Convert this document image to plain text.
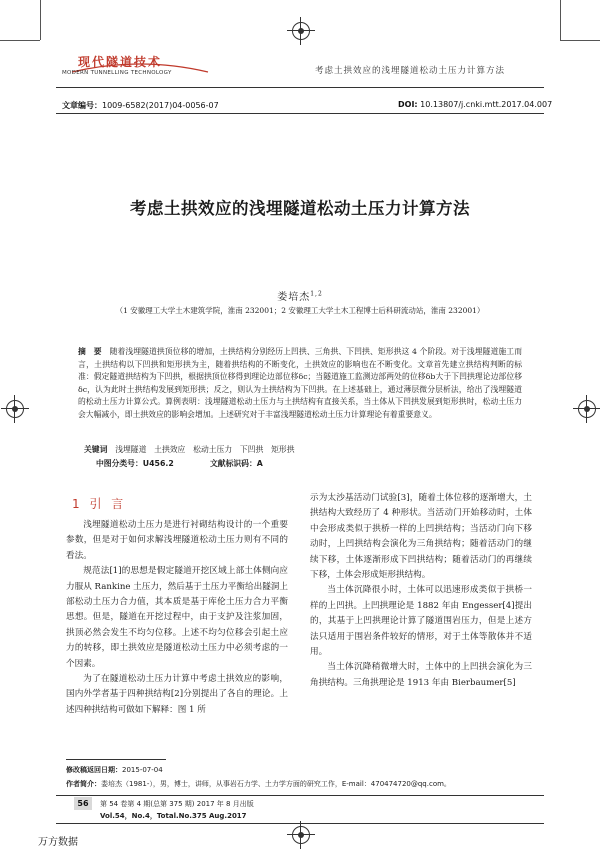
现代隧道技术
MODERN TUNNELLING TECHNOLOGY	考虑土拱效应的浅埋隧道松动土压力计算方法
文章编号：1009-6582(2017)04-0056-07	DOI: 10.13807/j.cnki.mtt.2017.04.007
考虑土拱效应的浅埋隧道松动土压力计算方法
娄培杰$^{1,2}$
（1 安徽理工大学土木建筑学院，淮南 232001；2 安徽理工大学土木工程博士后科研流动站，淮南 232001）
摘　要　 随着浅埋隧道拱顶位移的增加，土拱结构分别经历上凹拱、三角拱、下凹拱、矩形拱这 4 个阶段。对于浅埋隧道施工而言，土拱结构以下凹拱和矩形拱为主，随着拱结构的不断变化，土拱效应的影响也在不断变化。文章首先建立拱结构判断的标准：假定隧道拱结构为下凹拱，根据拱顶位移得到理论边部位移δc；当隧道施工监测边部两处的位移δb大于下凹拱理论边部位移δc，认为此时土拱结构发展到矩形拱；反之，则认为土拱结构为下凹拱。在上述基础上，通过薄层微分层析法，给出了浅埋隧道的松动土压力计算公式。算例表明：浅埋隧道松动土压力与土拱结构有直接关系，当土体从下凹拱发展到矩形拱时，松动土压力会大幅减小，即土拱效应的影响会增加。上述研究对于丰富浅埋隧道松动土压力计算理论有着重要意义。
关键词　 浅埋隧道　土拱效应　松动土压力　下凹拱　矩形拱
中图分类号：U456.2	文献标识码：A
1 引 言

浅埋隧道松动土压力是进行衬砌结构设计的一个重要参数，但是对于如何求解浅埋隧道松动土压力则有不同的看法。

规范法[1]的思想是假定隧道开挖区域上部土体侧向应力服从 Rankine 土压力，然后基于土压力平衡给出隧洞上部松动土压力合力值，其本质是基于库伦土压力合力平衡思想。但是，隧道在开挖过程中，由于支护及注浆加固，拱顶必然会发生不均匀位移。上述不均匀位移会引起土应力的转移，即土拱效应是隧道松动土压力中必须考虑的一个因素。

为了在隧道松动土压力计算中考虑土拱效应的影响，国内外学者基于四种拱结构[2]分别提出了各自的理论。上述四种拱结构可做如下解释：图 1 所

示为太沙基活动门试验[3]，随着土体位移的逐渐增大，土拱结构大致经历了 4 种形状。当活动门开始移动时，土体中会形成类似于拱桥一样的上凹拱结构；当活动门向下移动时，上凹拱结构会演化为三角拱结构；随着活动门的继续下移，土体逐渐形成下凹拱结构；随着活动门的再继续下移，土体会形成矩形拱结构。

当土体沉降很小时，土体可以迅速形成类似于拱桥一样的上凹拱。上凹拱理论是 1882 年由 Engesser[4]提出的，其基于上凹拱理论计算了隧道围岩压力，但是上述方法只适用于围岩条件较好的情形，对于土体等散体并不适用。

当土体沉降稍微增大时，土体中的上凹拱会演化为三角拱结构。三角拱理论是 1913 年由 Bierbaumer[5]

修改稿返回日期：2015-07-04
作者简介：娄培杰（1981-），男，博士，讲师，从事岩石力学、土力学方面的研究工作，E-mail：470474720@qq.com。
56	第 54 卷第 4 期(总第 375 期) 2017 年 8 月出版
Vol.54，No.4，Total.No.375 Aug.2017
万方数据
